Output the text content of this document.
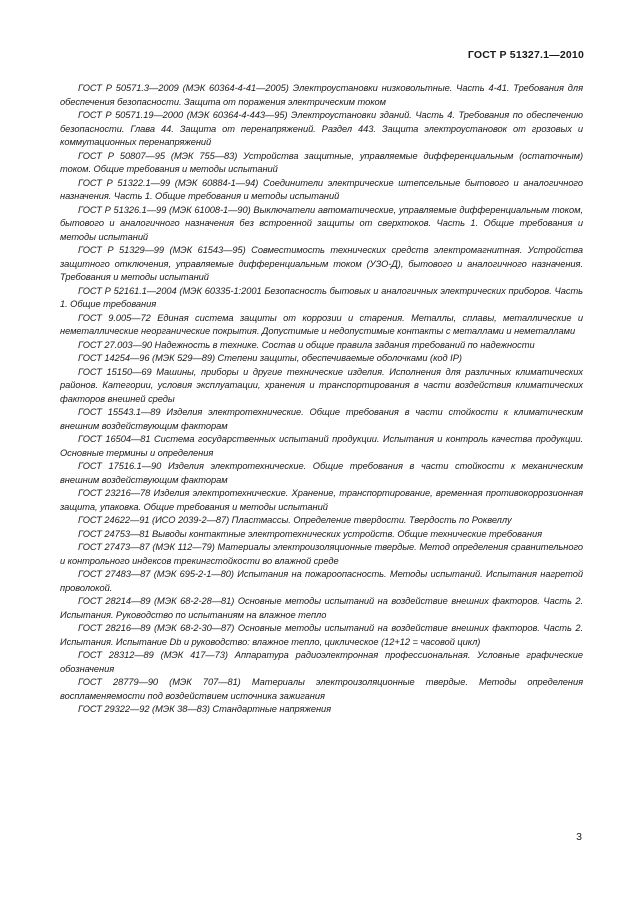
ГОСТ Р 51327.1—2010

ГОСТ Р 50571.3—2009 (МЭК 60364-4-41—2005) Электроустановки низковольтные. Часть 4-41. Требования для обеспечения безопасности. Защита от поражения электрическим током

ГОСТ Р 50571.19—2000 (МЭК 60364-4-443—95) Электроустановки зданий. Часть 4. Требования по обеспечению безопасности. Глава 44. Защита от перенапряжений. Раздел 443. Защита электроустановок от грозовых и коммутационных перенапряжений

ГОСТ Р 50807—95 (МЭК 755—83) Устройства защитные, управляемые дифференциальным (остаточным) током. Общие требования и методы испытаний

ГОСТ Р 51322.1—99 (МЭК 60884-1—94) Соединители электрические штепсельные бытового и аналогичного назначения. Часть 1. Общие требования и методы испытаний

ГОСТ Р 51326.1—99 (МЭК 61008-1—90) Выключатели автоматические, управляемые дифференциальным током, бытового и аналогичного назначения без встроенной защиты от сверхтоков. Часть 1. Общие требования и методы испытаний

ГОСТ Р 51329—99 (МЭК 61543—95) Совместимость технических средств электромагнитная. Устройства защитного отключения, управляемые дифференциальным током (УЗО-Д), бытового и аналогичного назначения. Требования и методы испытаний

ГОСТ Р 52161.1—2004 (МЭК 60335-1:2001 Безопасность бытовых и аналогичных электрических приборов. Часть 1. Общие требования

ГОСТ 9.005—72 Единая система защиты от коррозии и старения. Металлы, сплавы, металлические и неметаллические неорганические покрытия. Допустимые и недопустимые контакты с металлами и неметаллами

ГОСТ 27.003—90 Надежность в технике. Состав и общие правила задания требований по надежности

ГОСТ 14254—96 (МЭК 529—89) Степени защиты, обеспечиваемые оболочками (код IP)

ГОСТ 15150—69 Машины, приборы и другие технические изделия. Исполнения для различных климатических районов. Категории, условия эксплуатации, хранения и транспортирования в части воздействия климатических факторов внешней среды

ГОСТ 15543.1—89 Изделия электротехнические. Общие требования в части стойкости к климатическим внешним воздействующим факторам

ГОСТ 16504—81 Система государственных испытаний продукции. Испытания и контроль качества продукции. Основные термины и определения

ГОСТ 17516.1—90 Изделия электротехнические. Общие требования в части стойкости к механическим внешним воздействующим факторам

ГОСТ 23216—78 Изделия электротехнические. Хранение, транспортирование, временная противокоррозионная защита, упаковка. Общие требования и методы испытаний

ГОСТ 24622—91 (ИСО 2039-2—87) Пластмассы. Определение твердости. Твердость по Роквеллу

ГОСТ 24753—81 Выводы контактные электротехнических устройств. Общие технические требования

ГОСТ 27473—87 (МЭК 112—79) Материалы электроизоляционные твердые. Метод определения сравнительного и контрольного индексов трекингстойкости во влажной среде

ГОСТ 27483—87 (МЭК 695-2-1—80) Испытания на пожароопасность. Методы испытаний. Испытания нагретой проволокой.

ГОСТ 28214—89 (МЭК 68-2-28—81) Основные методы испытаний на воздействие внешних факторов. Часть 2. Испытания. Руководство по испытаниям на влажное тепло

ГОСТ 28216—89 (МЭК 68-2-30—87) Основные методы испытаний на воздействие внешних факторов. Часть 2. Испытания. Испытание Db и руководство: влажное тепло, циклическое (12+12 = часовой цикл)

ГОСТ 28312—89 (МЭК 417—73) Аппаратура радиоэлектронная профессиональная. Условные графические обозначения

ГОСТ 28779—90 (МЭК 707—81) Материалы электроизоляционные твердые. Методы определения воспламеняемости под воздействием источника зажигания

ГОСТ 29322—92 (МЭК 38—83) Стандартные напряжения

3
